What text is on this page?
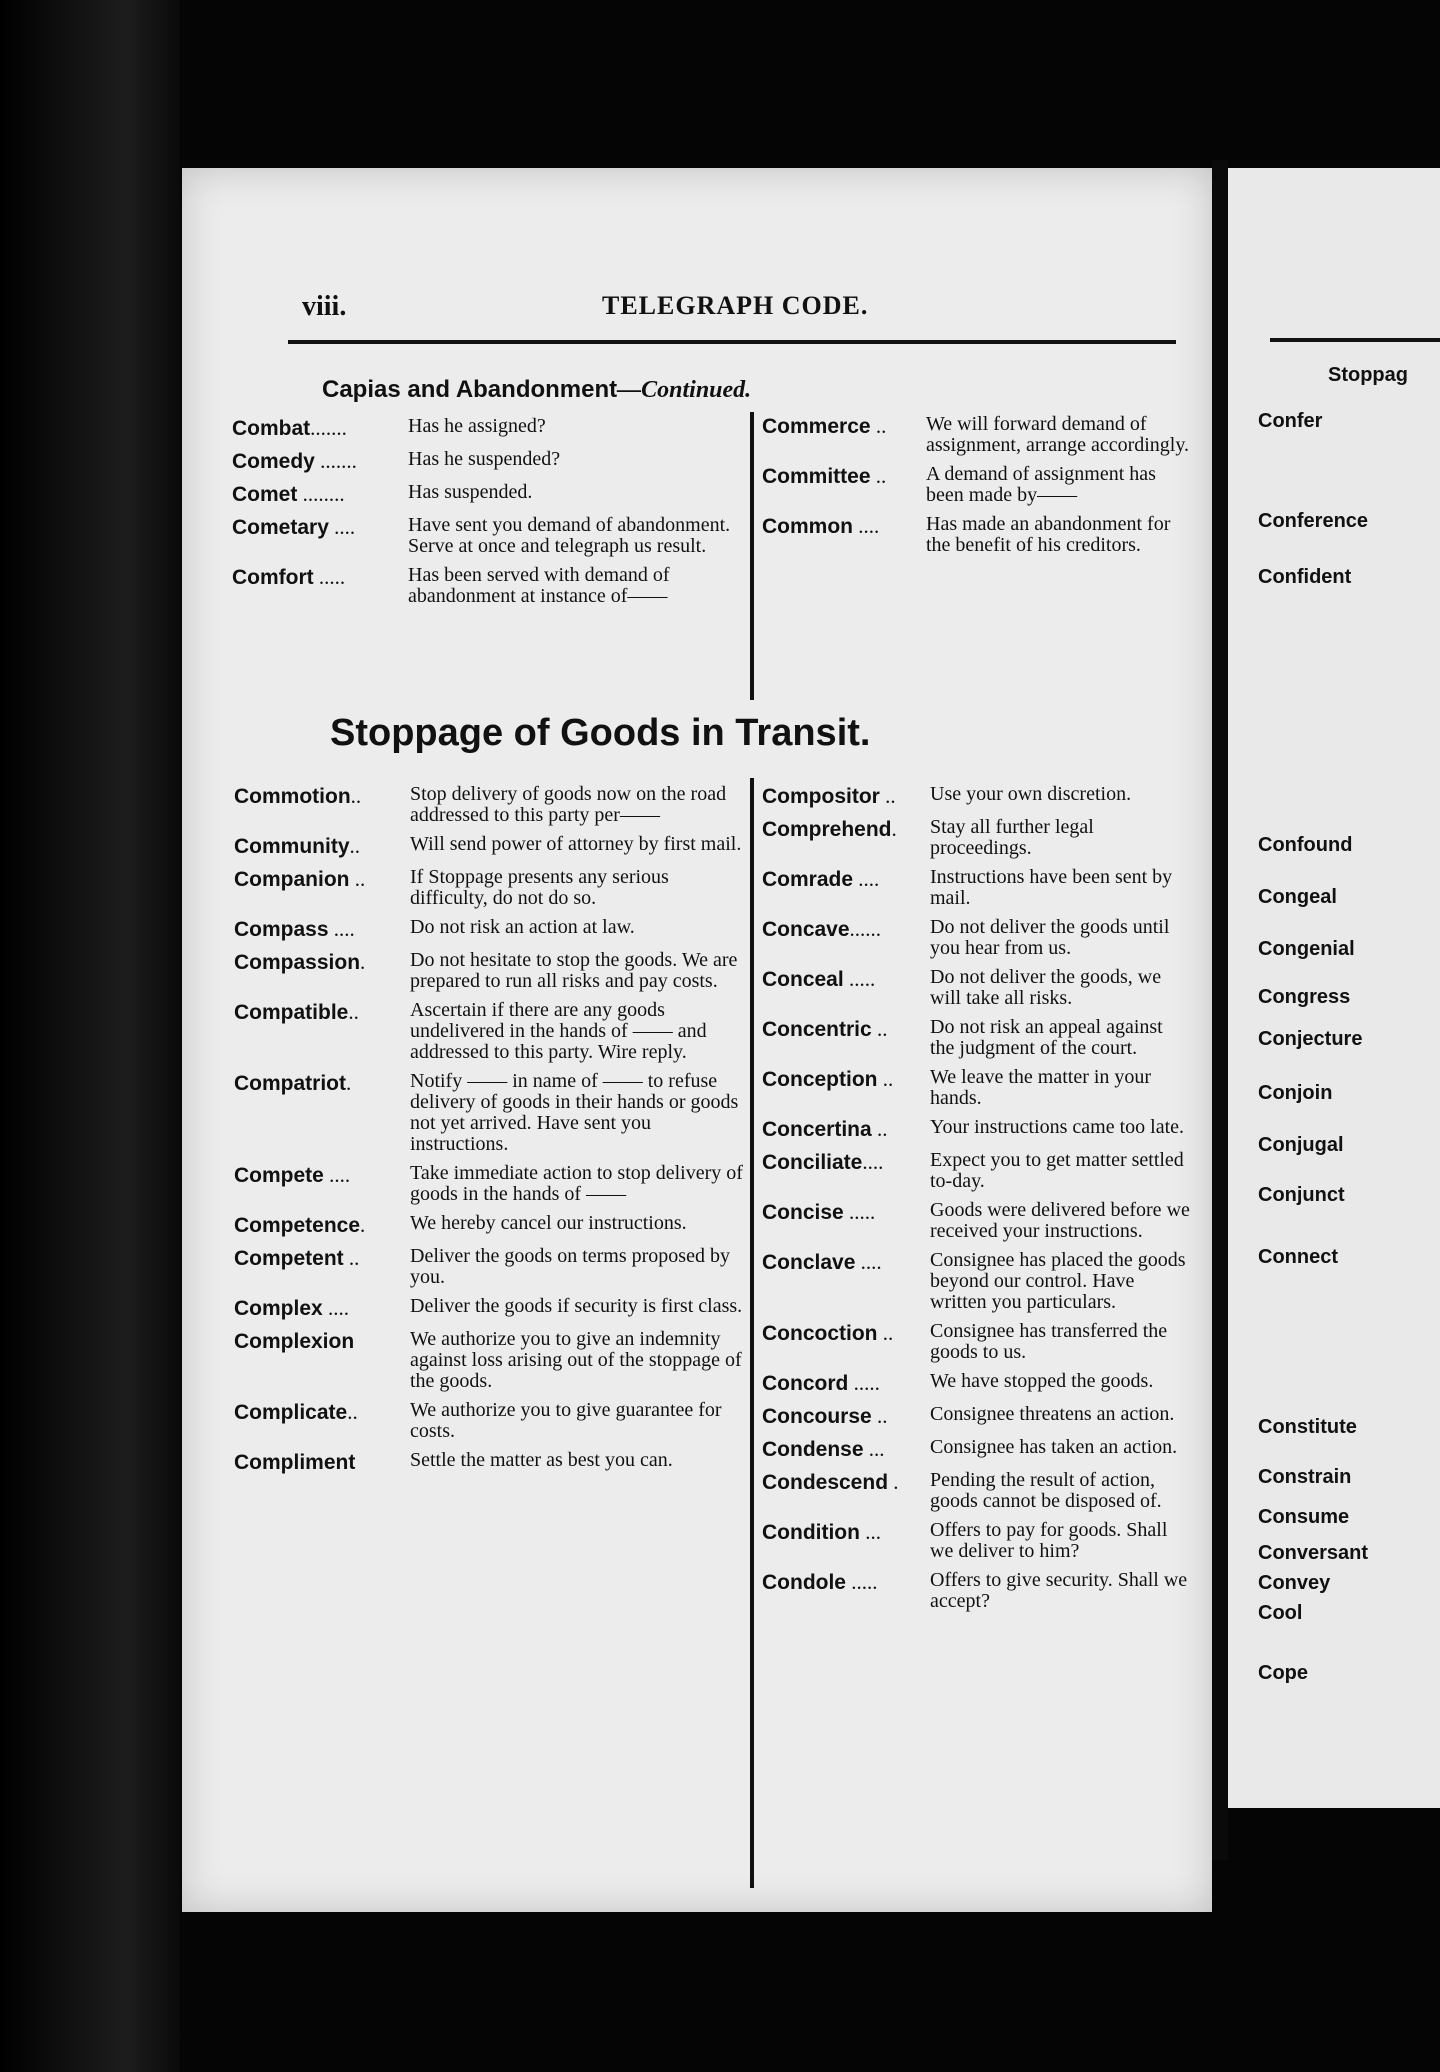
viii.	TELEGRAPH CODE.
Capias and Abandonment—Continued.
Combat.......	Has he assigned?
Comedy .......	Has he suspended?
Comet ........	Has suspended.
Cometary ....	Have sent you demand of abandonment. Serve at once and telegraph us result.
Comfort .....	Has been served with demand of abandonment at instance of——
Commerce ..	We will forward demand of assignment, arrange accordingly.
Committee ..	A demand of assignment has been made by——
Common ....	Has made an abandonment for the benefit of his creditors.
Stoppage of Goods in Transit.
Commotion..	Stop delivery of goods now on the road addressed to this party per——
Community..	Will send power of attorney by first mail.
Companion ..	If Stoppage presents any serious difficulty, do not do so.
Compass ....	Do not risk an action at law.
Compassion.	Do not hesitate to stop the goods. We are prepared to run all risks and pay costs.
Compatible..	Ascertain if there are any goods undelivered in the hands of —— and addressed to this party. Wire reply.
Compatriot.	Notify —— in name of —— to refuse delivery of goods in their hands or goods not yet arrived. Have sent you instructions.
Compete ....	Take immediate action to stop delivery of goods in the hands of ——
Competence.	We hereby cancel our instructions.
Competent ..	Deliver the goods on terms proposed by you.
Complex ....	Deliver the goods if security is first class.
Complexion	We authorize you to give an indemnity against loss arising out of the stoppage of the goods.
Complicate..	We authorize you to give guarantee for costs.
Compliment	Settle the matter as best you can.
Compositor ..	Use your own discretion.
Comprehend.	Stay all further legal proceedings.
Comrade ....	Instructions have been sent by mail.
Concave......	Do not deliver the goods until you hear from us.
Conceal .....	Do not deliver the goods, we will take all risks.
Concentric ..	Do not risk an appeal against the judgment of the court.
Conception ..	We leave the matter in your hands.
Concertina ..	Your instructions came too late.
Conciliate....	Expect you to get matter settled to-day.
Concise .....	Goods were delivered before we received your instructions.
Conclave ....	Consignee has placed the goods beyond our control. Have written you particulars.
Concoction ..	Consignee has transferred the goods to us.
Concord .....	We have stopped the goods.
Concourse ..	Consignee threatens an action.
Condense ...	Consignee has taken an action.
Condescend .	Pending the result of action, goods cannot be disposed of.
Condition ...	Offers to pay for goods. Shall we deliver to him?
Condole .....	Offers to give security. Shall we accept?
Stoppag
Confer
Conference
Confident
Confound
Congeal
Congenial
Congress
Conjecture
Conjoin
Conjugal
Conjunct
Connect
Constitute
Constrain
Consume
Conversant
Convey
Cool
Cope
